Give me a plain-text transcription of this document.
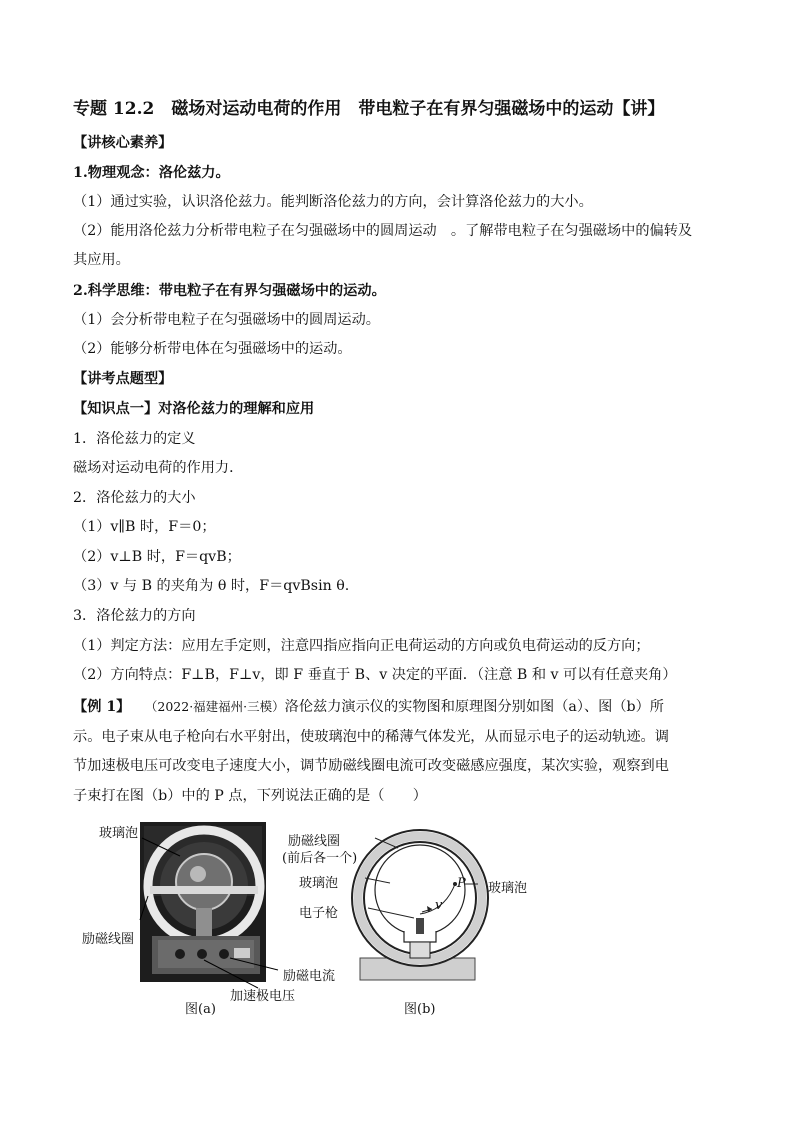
专题 12.2　磁场对运动电荷的作用　带电粒子在有界匀强磁场中的运动【讲】
【讲核心素养】
1.物理观念：洛伦兹力。
（1）通过实验，认识洛伦兹力。能判断洛伦兹力的方向，会计算洛伦兹力的大小。
（2）能用洛伦兹力分析带电粒子在匀强磁场中的圆周运动　。了解带电粒子在匀强磁场中的偏转及
其应用。
2.科学思维：带电粒子在有界匀强磁场中的运动。
（1）会分析带电粒子在匀强磁场中的圆周运动。
（2）能够分析带电体在匀强磁场中的运动。
【讲考点题型】
【知识点一】对洛伦兹力的理解和应用
1．洛伦兹力的定义
磁场对运动电荷的作用力．
2．洛伦兹力的大小
（1）v∥B 时，F＝0；
（2）v⊥B 时，F＝qvB；
（3）v 与 B 的夹角为 θ 时，F＝qvBsin θ.
3．洛伦兹力的方向
（1）判定方法：应用左手定则，注意四指应指向正电荷运动的方向或负电荷运动的反方向；
（2）方向特点：F⊥B，F⊥v，即 F 垂直于 B、v 决定的平面．（注意 B 和 v 可以有任意夹角）
【例 1】 （2022·福建福州·三模）洛伦兹力演示仪的实物图和原理图分别如图（a）、图（b）所
示。电子束从电子枪向右水平射出，使玻璃泡中的稀薄气体发光，从而显示电子的运动轨迹。调
节加速极电压可改变电子速度大小，调节励磁线圈电流可改变磁感应强度，某次实验，观察到电
子束打在图（b）中的 P 点，下列说法正确的是（　　）
玻璃泡
励磁线圈
励磁电流
加速极电压
图(a)
励磁线圈
(前后各一个)
玻璃泡
电子枪
玻璃泡
P
v
图(b)
